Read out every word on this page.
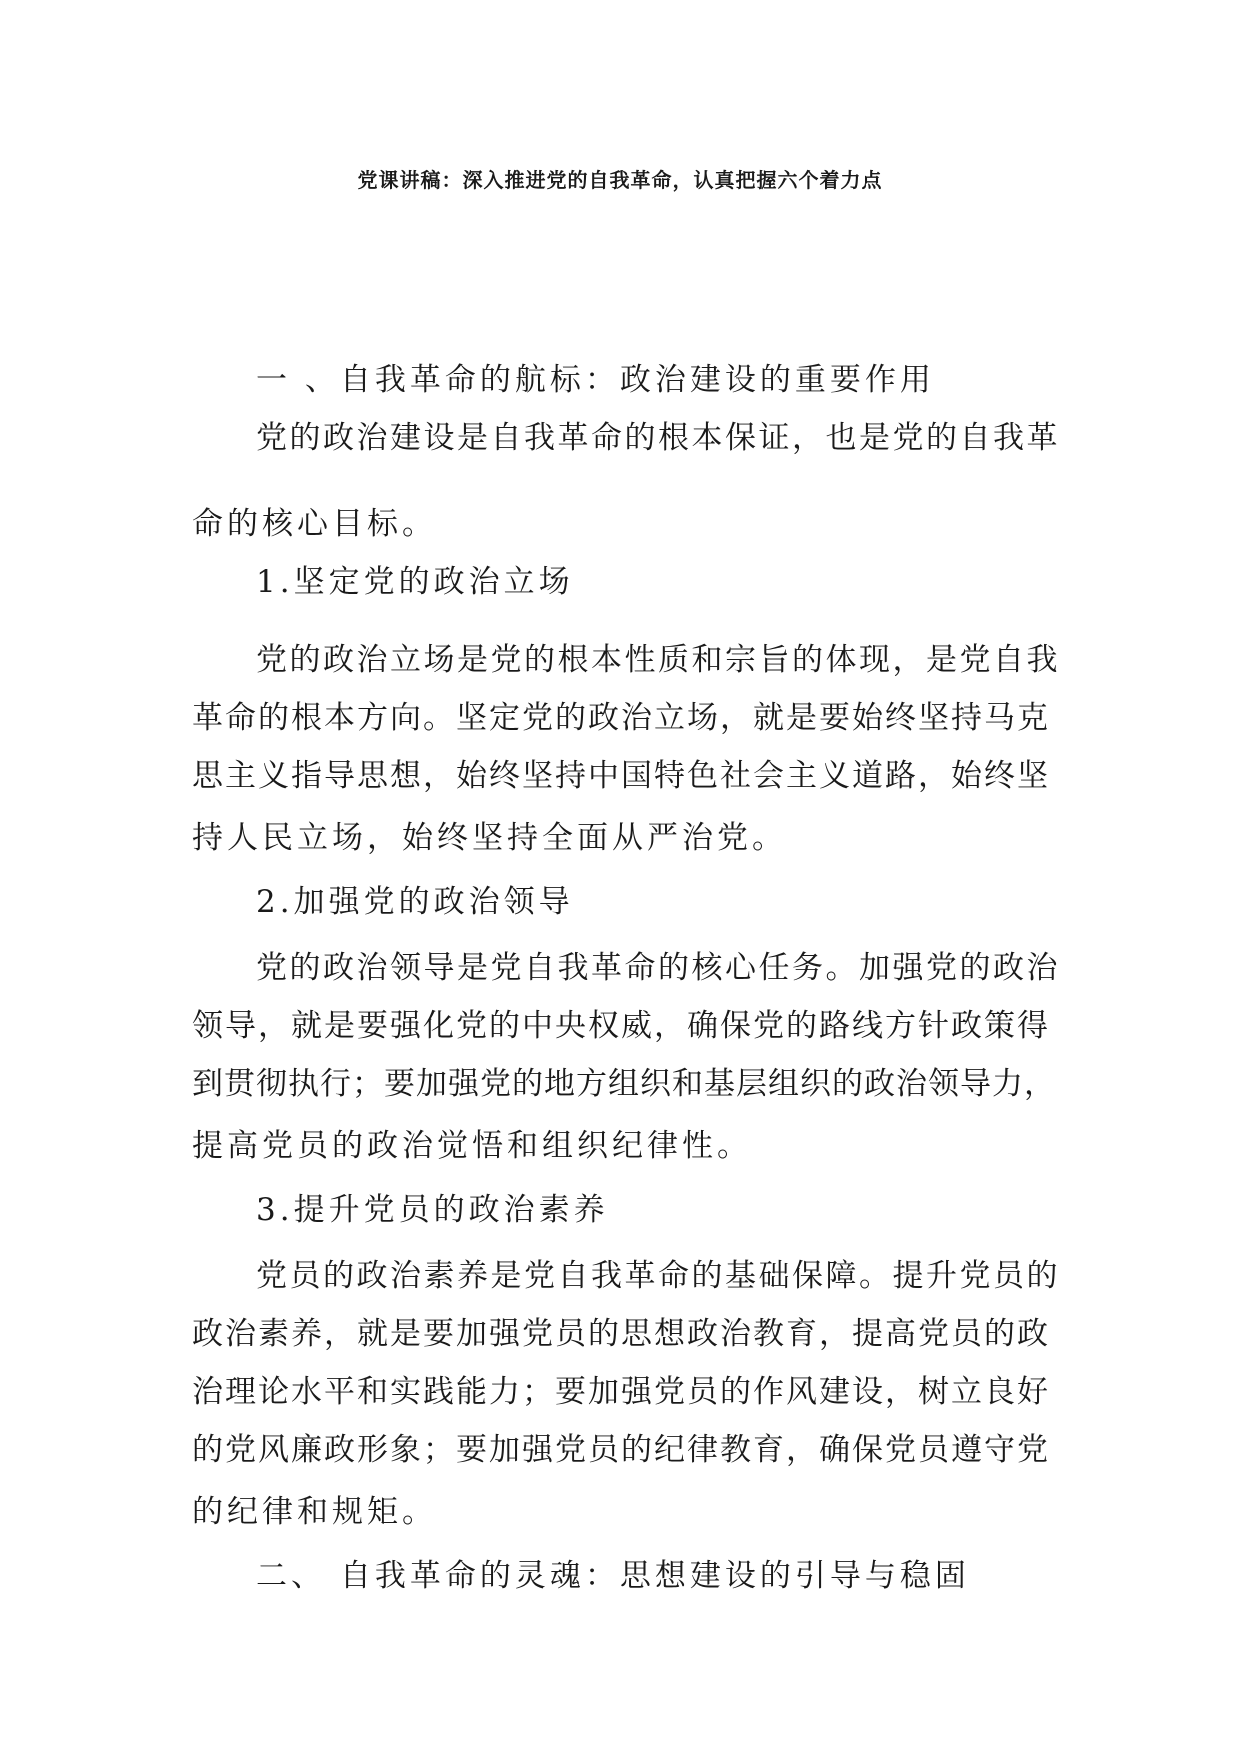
党课讲稿：深入推进党的自我革命，认真把握六个着力点
一 、自我革命的航标：政治建设的重要作用
党的政治建设是自我革命的根本保证，也是党的自我革
命的核心目标。
1.坚定党的政治立场
党的政治立场是党的根本性质和宗旨的体现，是党自我
革命的根本方向。坚定党的政治立场，就是要始终坚持马克
思主义指导思想，始终坚持中国特色社会主义道路，始终坚
持人民立场，始终坚持全面从严治党。
2.加强党的政治领导
党的政治领导是党自我革命的核心任务。加强党的政治
领导，就是要强化党的中央权威，确保党的路线方针政策得
到贯彻执行；要加强党的地方组织和基层组织的政治领导力，
提高党员的政治觉悟和组织纪律性。
3.提升党员的政治素养
党员的政治素养是党自我革命的基础保障。提升党员的
政治素养，就是要加强党员的思想政治教育，提高党员的政
治理论水平和实践能力；要加强党员的作风建设，树立良好
的党风廉政形象；要加强党员的纪律教育，确保党员遵守党
的纪律和规矩。
二、 自我革命的灵魂：思想建设的引导与稳固
